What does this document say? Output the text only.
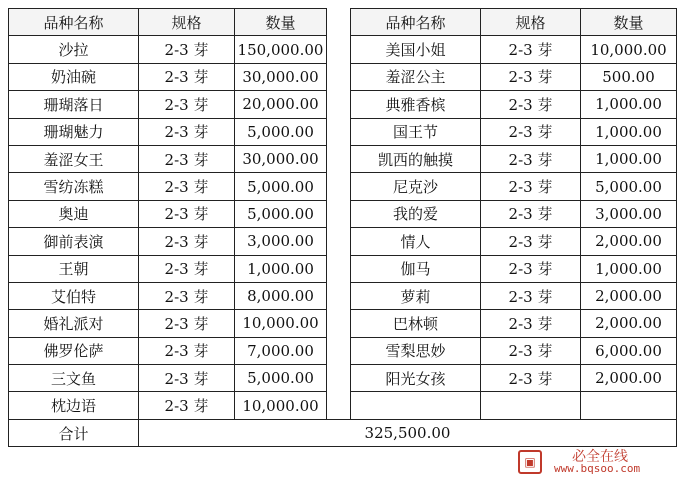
品种名称	规格	数量		品种名称	规格	数量
沙拉	2-3 芽	150,000.00		美国小姐	2-3 芽	10,000.00
奶油碗	2-3 芽	30,000.00		羞涩公主	2-3 芽	500.00
珊瑚落日	2-3 芽	20,000.00		典雅香槟	2-3 芽	1,000.00
珊瑚魅力	2-3 芽	5,000.00		国王节	2-3 芽	1,000.00
羞涩女王	2-3 芽	30,000.00		凯西的触摸	2-3 芽	1,000.00
雪纺冻糕	2-3 芽	5,000.00		尼克沙	2-3 芽	5,000.00
奥迪	2-3 芽	5,000.00		我的爱	2-3 芽	3,000.00
御前表演	2-3 芽	3,000.00		情人	2-3 芽	2,000.00
王朝	2-3 芽	1,000.00		伽马	2-3 芽	1,000.00
艾伯特	2-3 芽	8,000.00		萝莉	2-3 芽	2,000.00
婚礼派对	2-3 芽	10,000.00		巴林顿	2-3 芽	2,000.00
佛罗伦萨	2-3 芽	7,000.00		雪梨思妙	2-3 芽	6,000.00
三文鱼	2-3 芽	5,000.00		阳光女孩	2-3 芽	2,000.00
枕边语	2-3 芽	10,000.00				
合计	325,500.00					
▣	必全在线
www.bqsoo.com
